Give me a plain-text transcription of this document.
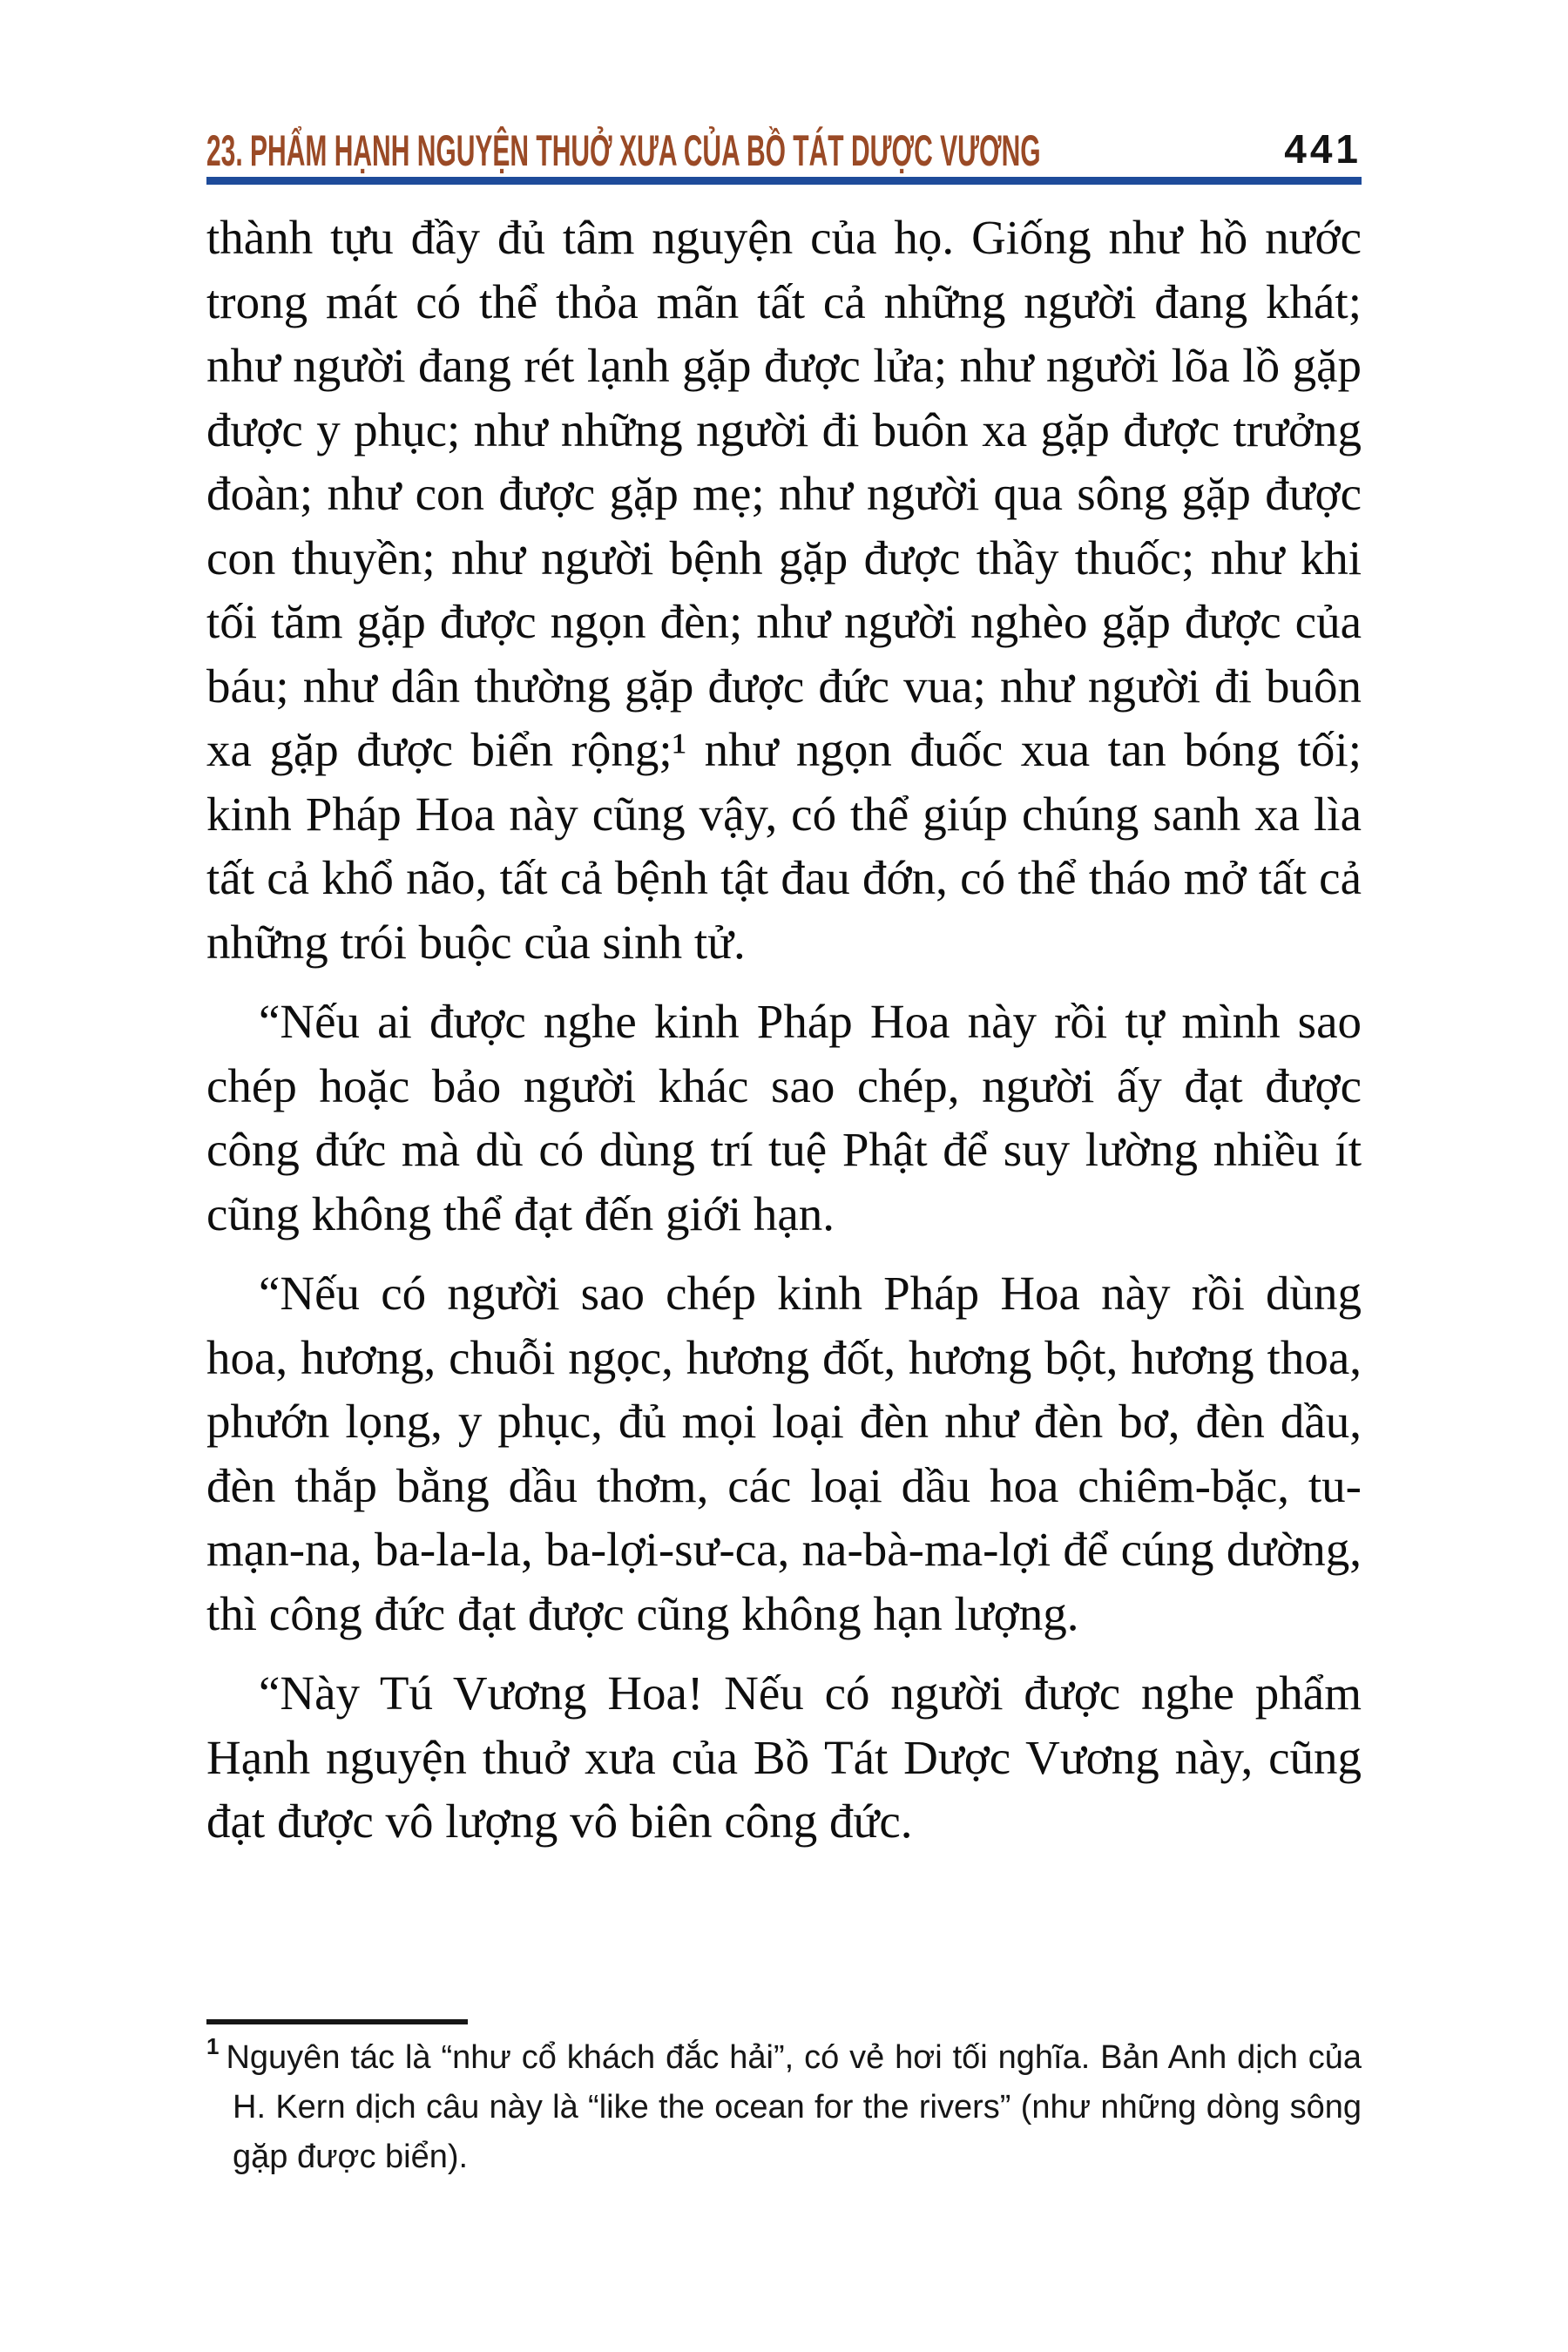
23. PHẨM HẠNH NGUYỆN THUỞ XƯA CỦA BỒ TÁT DƯỢC VƯƠNG	441

thành tựu đầy đủ tâm nguyện của họ. Giống như hồ nước trong mát có thể thỏa mãn tất cả những người đang khát; như người đang rét lạnh gặp được lửa; như người lõa lồ gặp được y phục; như những người đi buôn xa gặp được trưởng đoàn; như con được gặp mẹ; như người qua sông gặp được con thuyền; như người bệnh gặp được thầy thuốc; như khi tối tăm gặp được ngọn đèn; như người nghèo gặp được của báu; như dân thường gặp được đức vua; như người đi buôn xa gặp được biển rộng;¹ như ngọn đuốc xua tan bóng tối; kinh Pháp Hoa này cũng vậy, có thể giúp chúng sanh xa lìa tất cả khổ não, tất cả bệnh tật đau đớn, có thể tháo mở tất cả những trói buộc của sinh tử.

“Nếu ai được nghe kinh Pháp Hoa này rồi tự mình sao chép hoặc bảo người khác sao chép, người ấy đạt được công đức mà dù có dùng trí tuệ Phật để suy lường nhiều ít cũng không thể đạt đến giới hạn.

“Nếu có người sao chép kinh Pháp Hoa này rồi dùng hoa, hương, chuỗi ngọc, hương đốt, hương bột, hương thoa, phướn lọng, y phục, đủ mọi loại đèn như đèn bơ, đèn dầu, đèn thắp bằng dầu thơm, các loại dầu hoa chiêm-bặc, tu-mạn-na, ba-la-la, ba-lợi-sư-ca, na-bà-ma-lợi để cúng dường, thì công đức đạt được cũng không hạn lượng.

“Này Tú Vương Hoa! Nếu có người được nghe phẩm Hạnh nguyện thuở xưa của Bồ Tát Dược Vương này, cũng đạt được vô lượng vô biên công đức.

$^1$ Nguyên tác là “như cổ khách đắc hải”, có vẻ hơi tối nghĩa. Bản Anh dịch của H. Kern dịch câu này là “like the ocean for the rivers” (như những dòng sông gặp được biển).
